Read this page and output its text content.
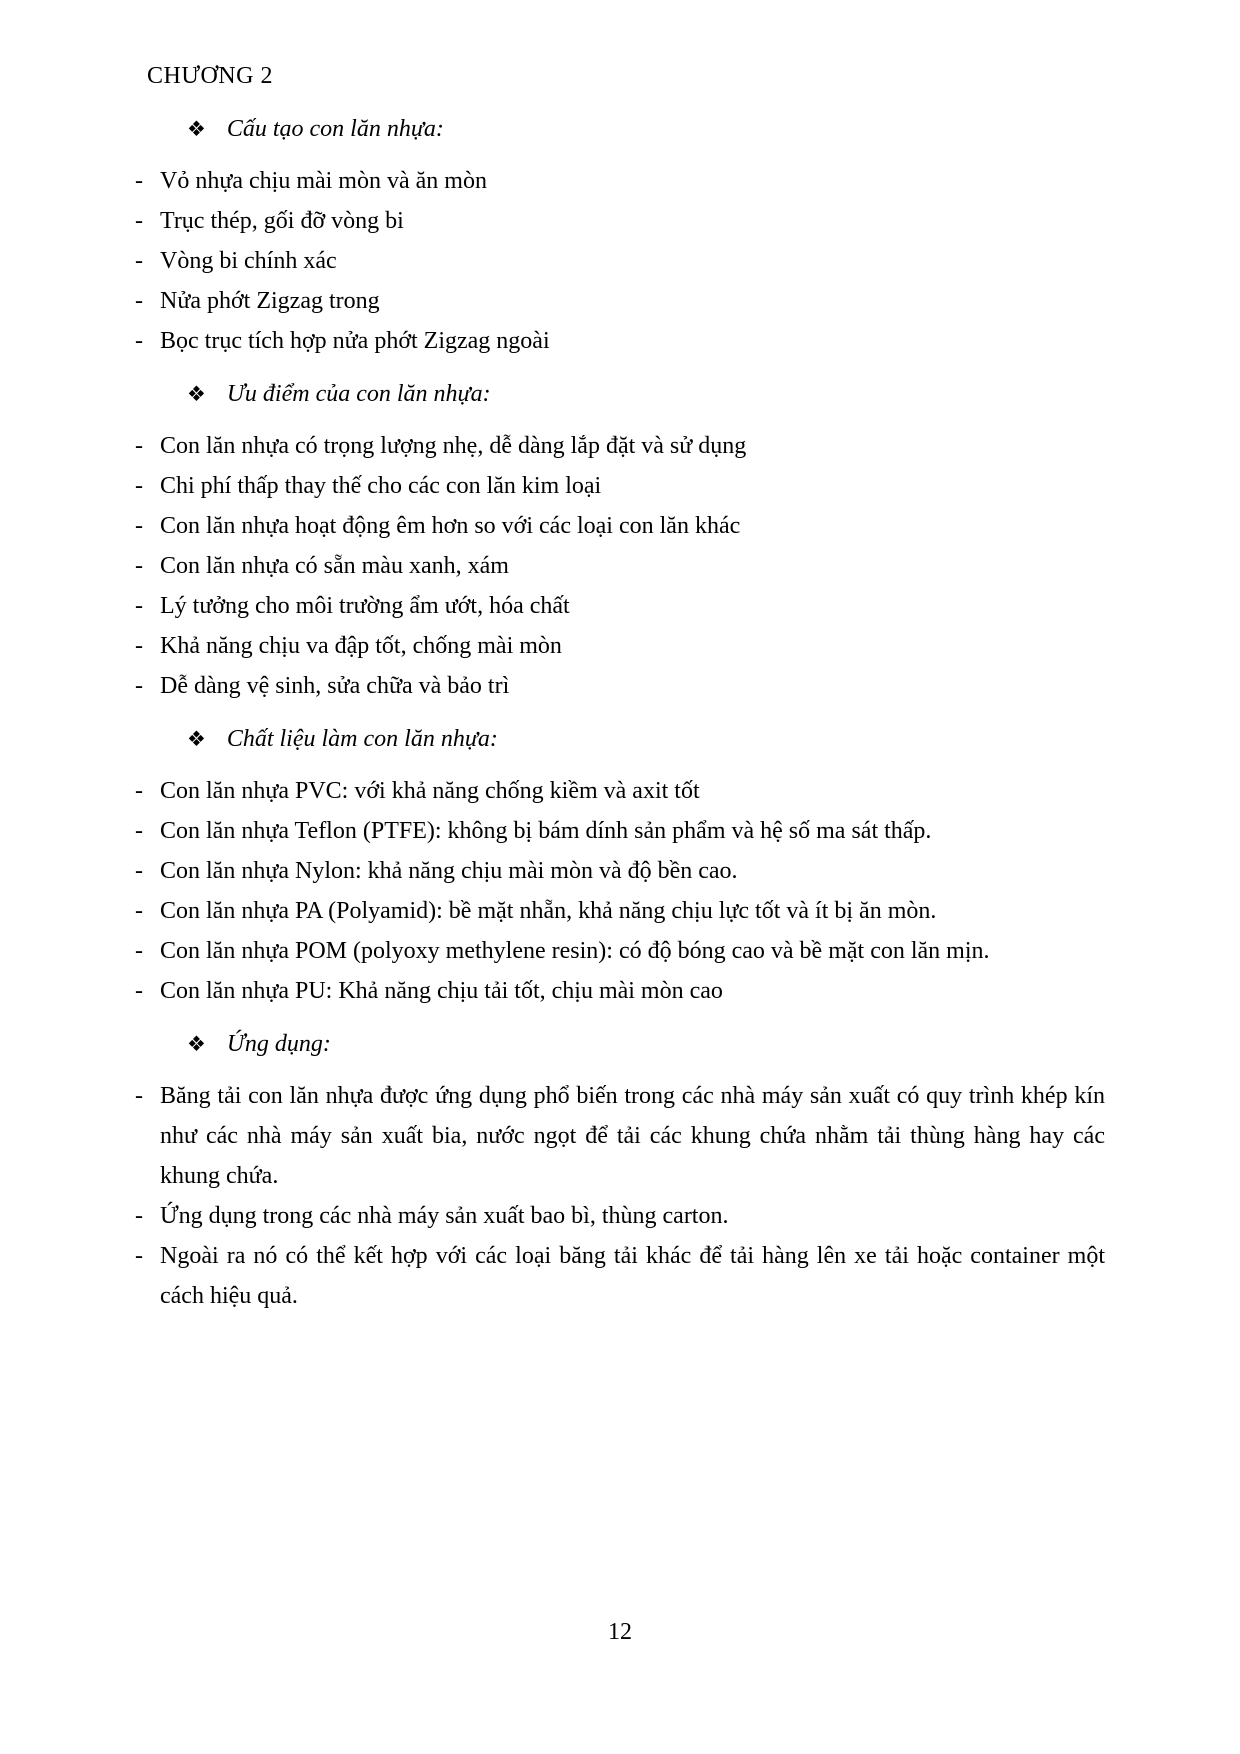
CHƯƠNG 2
❖ Cấu tạo con lăn nhựa:
- Vỏ nhựa chịu mài mòn và ăn mòn
- Trục thép, gối đỡ vòng bi
- Vòng bi chính xác
- Nửa phớt Zigzag trong
- Bọc trục tích hợp nửa phớt Zigzag ngoài
❖ Ưu điểm của con lăn nhựa:
- Con lăn nhựa có trọng lượng nhẹ, dễ dàng lắp đặt và sử dụng
- Chi phí thấp thay thế cho các con lăn kim loại
- Con lăn nhựa hoạt động êm hơn so với các loại con lăn khác
- Con lăn nhựa có sẵn màu xanh, xám
- Lý tưởng cho môi trường ẩm ướt, hóa chất
- Khả năng chịu va đập tốt, chống mài mòn
- Dễ dàng vệ sinh, sửa chữa và bảo trì
❖ Chất liệu làm con lăn nhựa:
- Con lăn nhựa PVC: với khả năng chống kiềm và axit tốt
- Con lăn nhựa Teflon (PTFE): không bị bám dính sản phẩm và hệ số ma sát thấp.
- Con lăn nhựa Nylon: khả năng chịu mài mòn và độ bền cao.
- Con lăn nhựa PA (Polyamid): bề mặt nhẵn, khả năng chịu lực tốt và ít bị ăn mòn.
- Con lăn nhựa POM (polyoxy methylene resin): có độ bóng cao và bề mặt con lăn mịn.
- Con lăn nhựa PU: Khả năng chịu tải tốt, chịu mài mòn cao
❖ Ứng dụng:
- Băng tải con lăn nhựa được ứng dụng phổ biến trong các nhà máy sản xuất có quy trình khép kín như các nhà máy sản xuất bia, nước ngọt để tải các khung chứa nhằm tải thùng hàng hay các khung chứa.
- Ứng dụng trong các nhà máy sản xuất bao bì, thùng carton.
- Ngoài ra nó có thể kết hợp với các loại băng tải khác để tải hàng lên xe tải hoặc container một cách hiệu quả.
12
